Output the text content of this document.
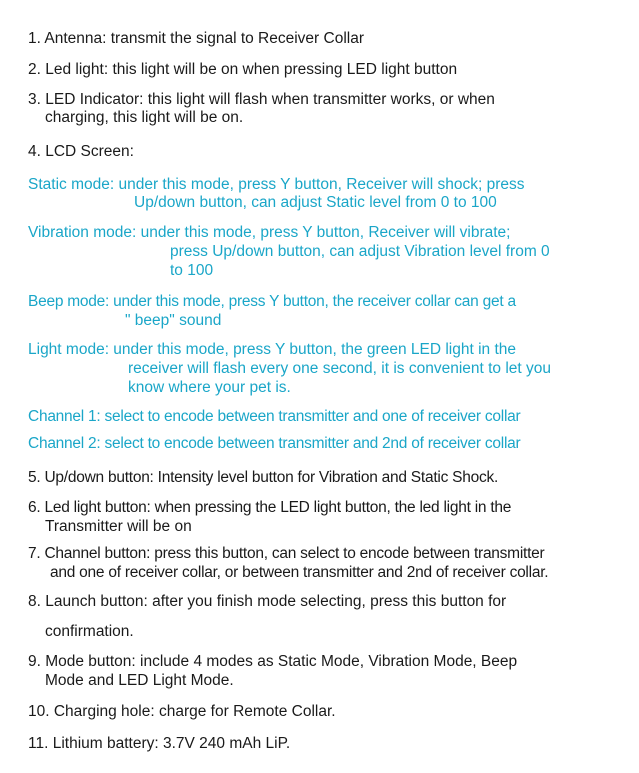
1. Antenna: transmit the signal to Receiver Collar
2. Led light: this light will be on when pressing LED light button
3. LED Indicator: this light will flash when transmitter works, or when
charging, this light will be on.
4. LCD Screen:
Static mode: under this mode, press Y button, Receiver will shock; press
Up/down button, can adjust Static level from 0 to 100
Vibration mode: under this mode, press Y button, Receiver will vibrate;
press Up/down button, can adjust Vibration level from 0
to 100
Beep mode: under this mode, press Y button, the receiver collar can get a
" beep" sound
Light mode: under this mode, press Y button, the green LED light in the
receiver will flash every one second, it is convenient to let you
know where your pet is.
Channel 1: select to encode between transmitter and one of receiver collar
Channel 2: select to encode between transmitter and 2nd of receiver collar
5. Up/down button: Intensity level button for Vibration and Static Shock.
6. Led light button: when pressing the LED light button, the led light in the
Transmitter will be on
7. Channel button: press this button, can select to encode between transmitter
and one of receiver collar, or between transmitter and 2nd of receiver collar.
8. Launch button: after you finish mode selecting, press this button for
confirmation.
9. Mode button: include 4 modes as Static Mode, Vibration Mode, Beep
Mode and LED Light Mode.
10. Charging hole: charge for Remote Collar.
11. Lithium battery: 3.7V 240 mAh LiP.
